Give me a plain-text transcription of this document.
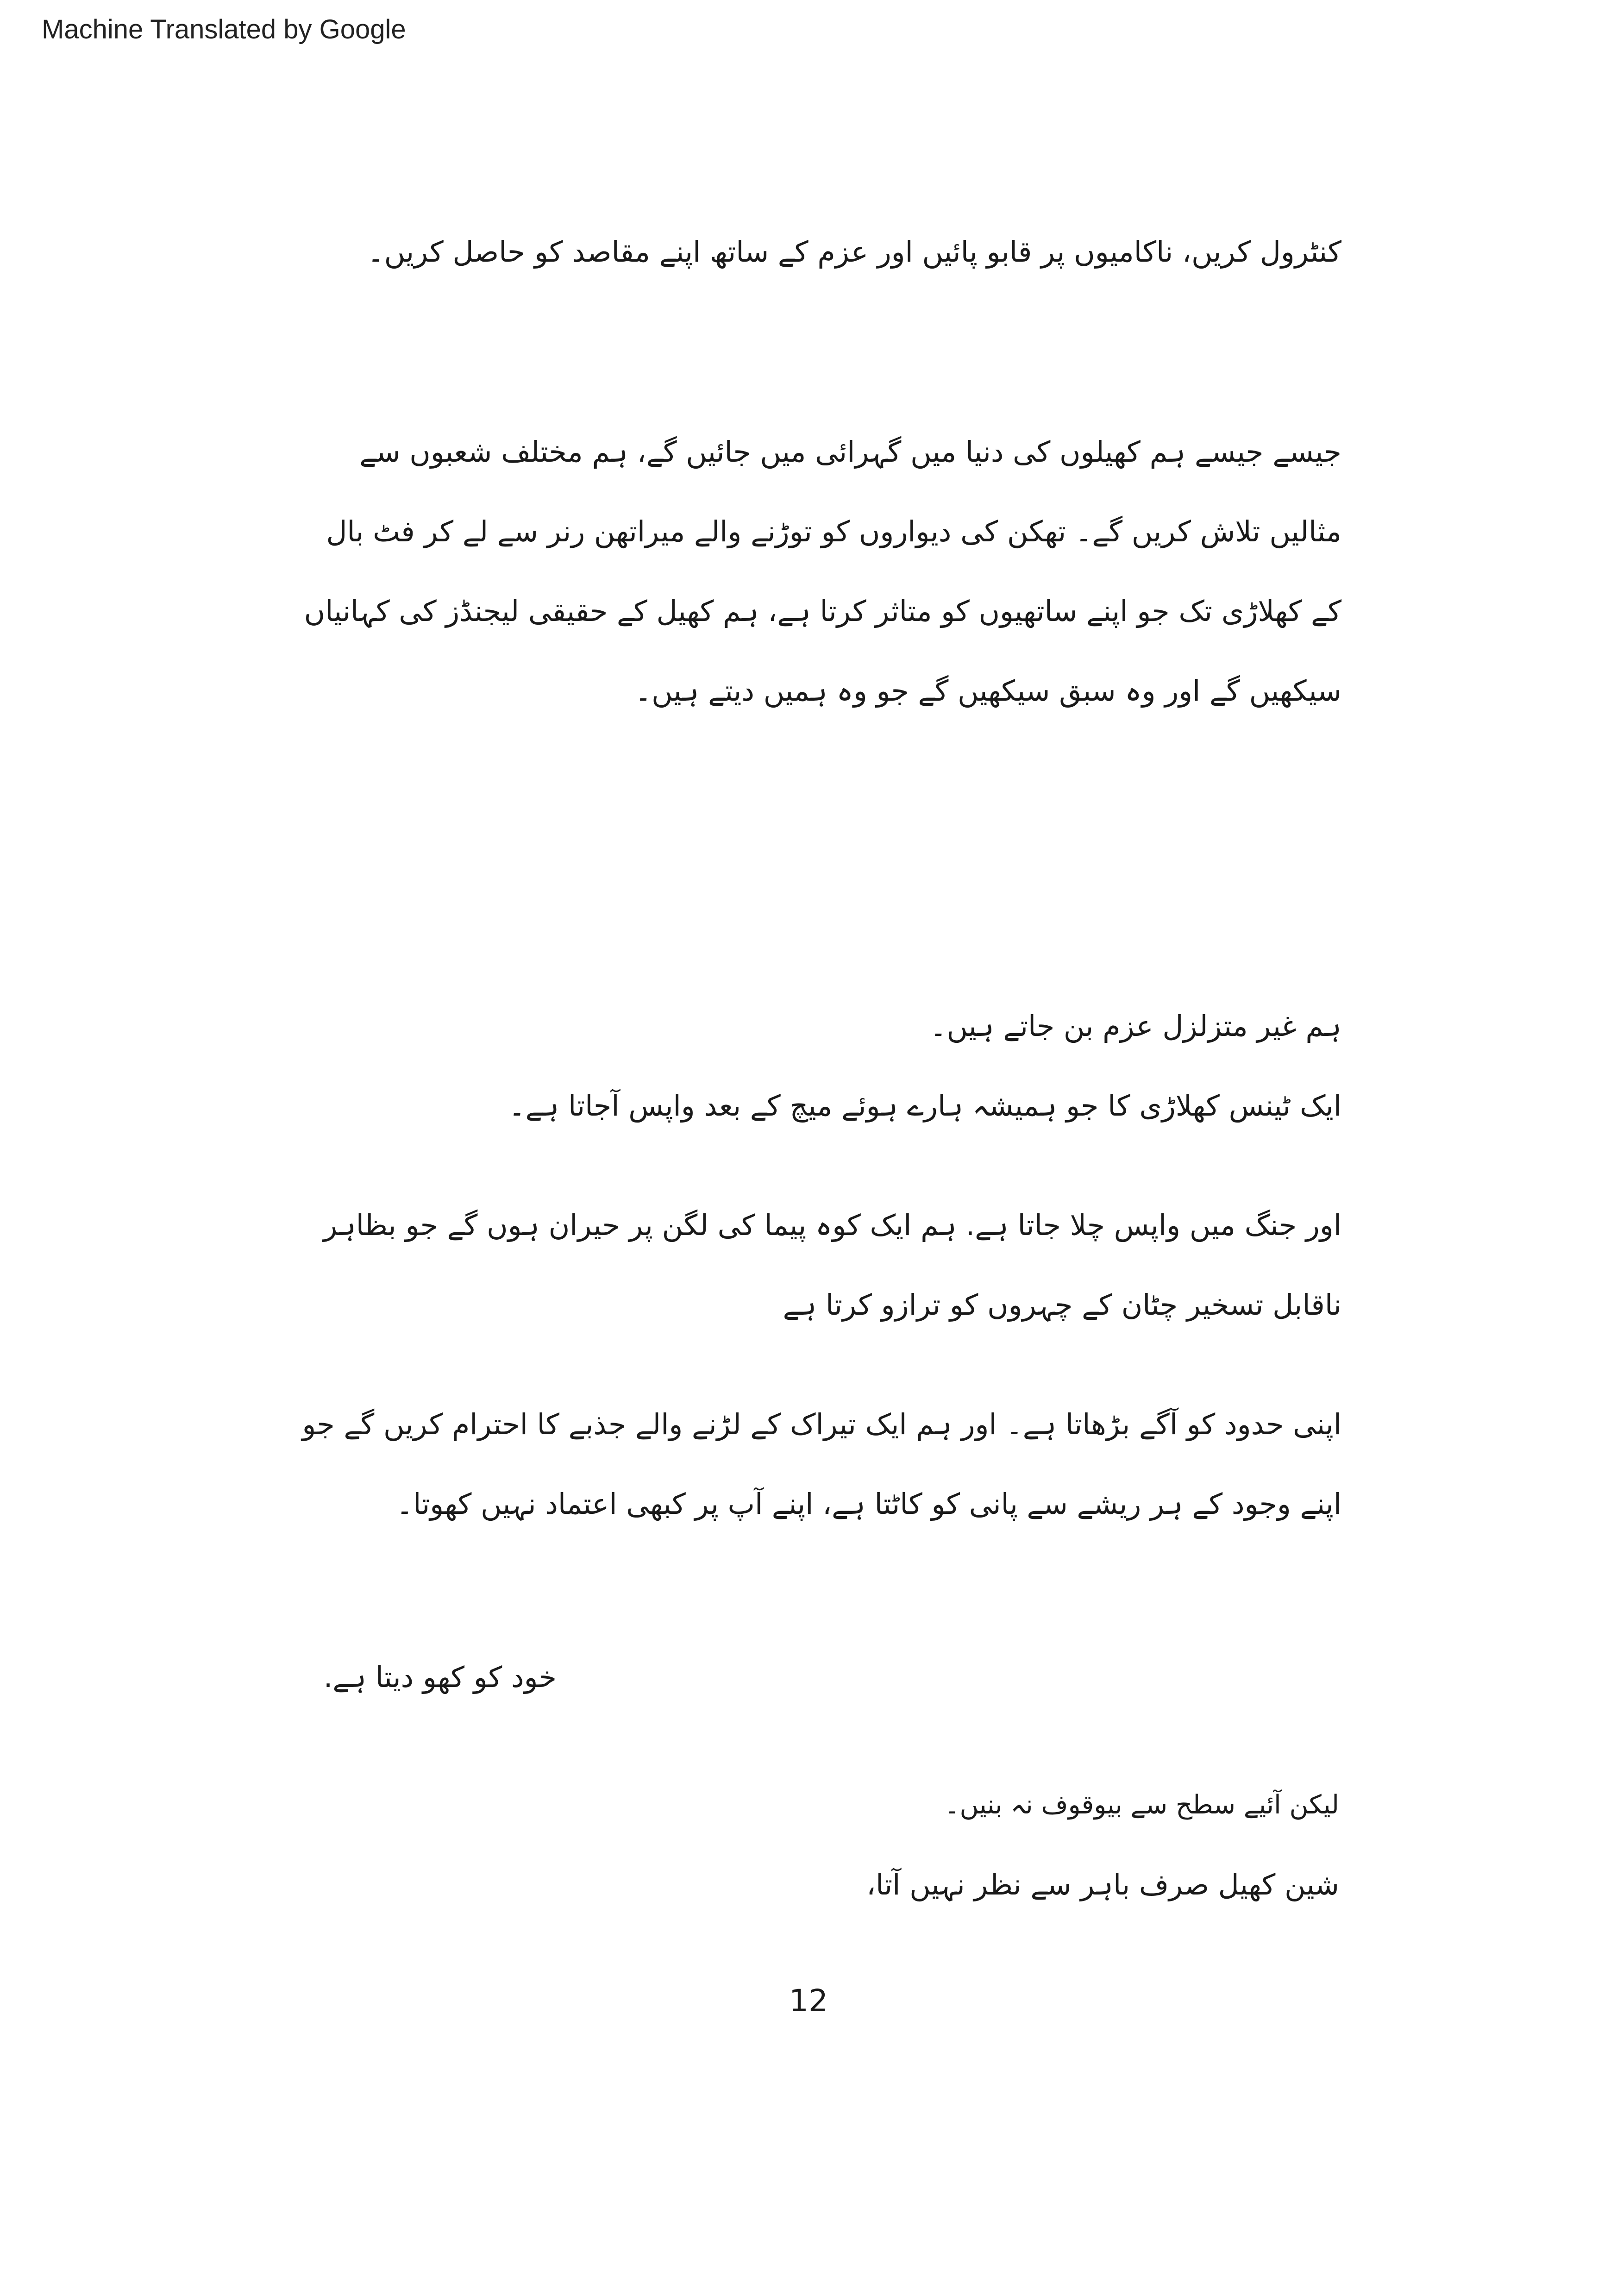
Machine Translated by Google
کنٹرول کریں، ناکامیوں پر قابو پائیں اور عزم کے ساتھ اپنے مقاصد کو حاصل کریں۔
جیسے جیسے ہم کھیلوں کی دنیا میں گہرائی میں جائیں گے، ہم مختلف شعبوں سے
مثالیں تلاش کریں گے۔ تھکن کی دیواروں کو توڑنے والے میراتھن رنر سے لے کر فٹ بال
کے کھلاڑی تک جو اپنے ساتھیوں کو متاثر کرتا ہے، ہم کھیل کے حقیقی لیجنڈز کی کہانیاں
سیکھیں گے اور وہ سبق سیکھیں گے جو وہ ہمیں دیتے ہیں۔
ہم غیر متزلزل عزم بن جاتے ہیں۔
ایک ٹینس کھلاڑی کا جو ہمیشہ ہارے ہوئے میچ کے بعد واپس آجاتا ہے۔
اور جنگ میں واپس چلا جاتا ہے. ہم ایک کوہ پیما کی لگن پر حیران ہوں گے جو بظاہر
ناقابل تسخیر چٹان کے چہروں کو ترازو کرتا ہے
اپنی حدود کو آگے بڑھاتا ہے۔ اور ہم ایک تیراک کے لڑنے والے جذبے کا احترام کریں گے جو
اپنے وجود کے ہر ریشے سے پانی کو کاٹتا ہے، اپنے آپ پر کبھی اعتماد نہیں کھوتا۔
خود کو کھو دیتا ہے.
لیکن آئیے سطح سے بیوقوف نہ بنیں۔
شین کھیل صرف باہر سے نظر نہیں آتا،
12
